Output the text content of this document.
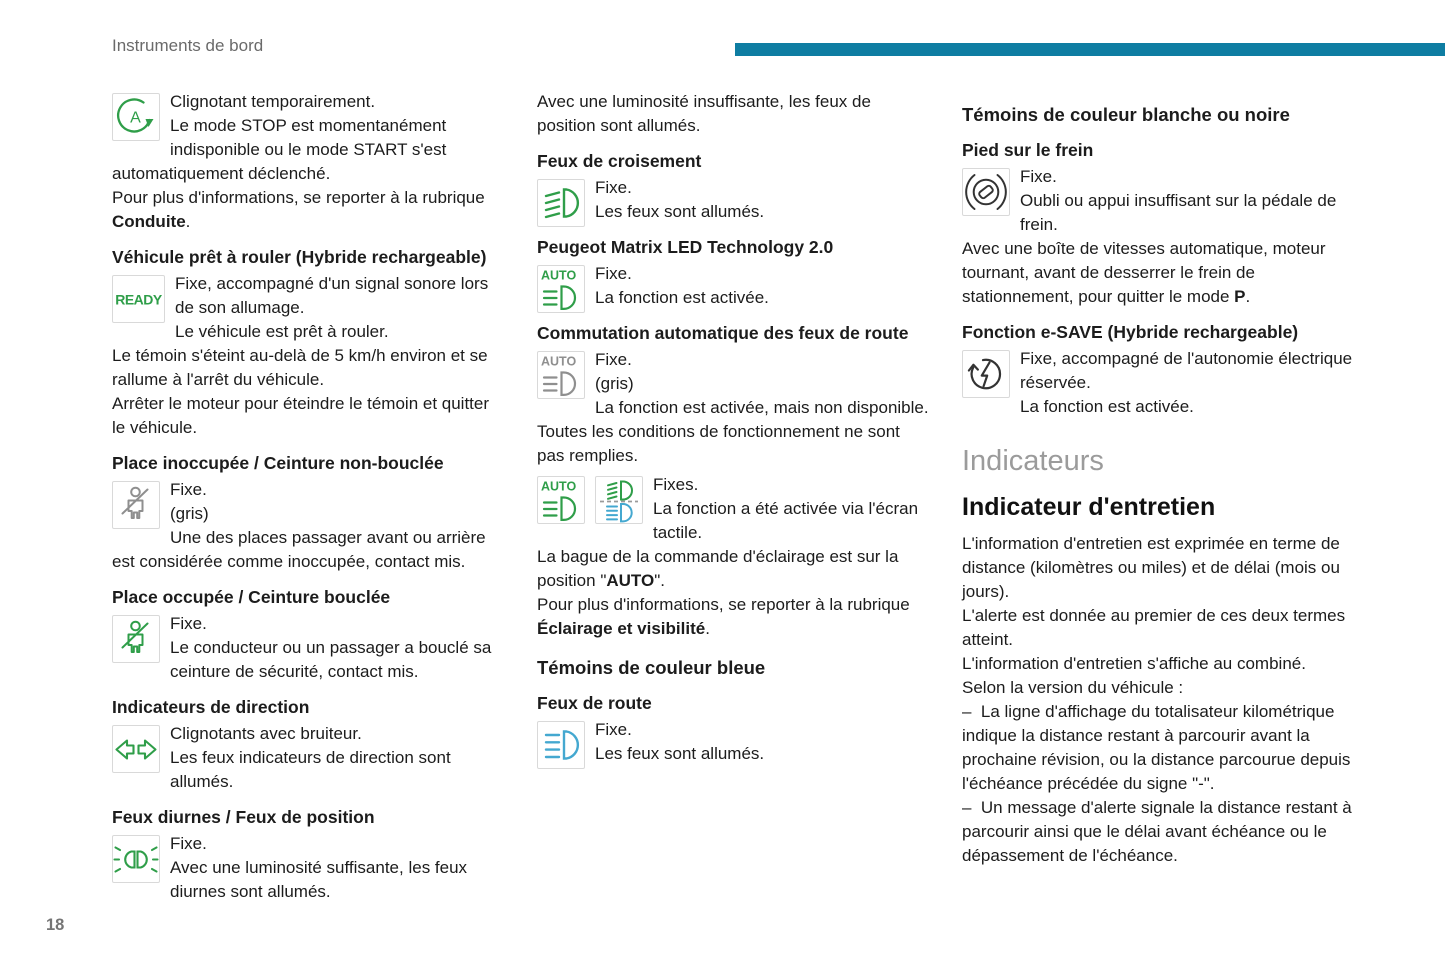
Instruments de bord
A
Clignotant temporairement.
Le mode STOP est momentanément indisponible ou le mode START s'est automatiquement déclenché.
Pour plus d'informations, se reporter à la rubrique Conduite.
Véhicule prêt à rouler (Hybride rechargeable)
READY
Fixe, accompagné d'un signal sonore lors de son allumage.
Le véhicule est prêt à rouler.
Le témoin s'éteint au-delà de 5 km/h environ et se rallume à l'arrêt du véhicule.
Arrêter le moteur pour éteindre le témoin et quitter le véhicule.
Place inoccupée / Ceinture non-bouclée
Fixe.
(gris)
Une des places passager avant ou arrière est considérée comme inoccupée, contact mis.
Place occupée / Ceinture bouclée
Fixe.
Le conducteur ou un passager a bouclé sa ceinture de sécurité, contact mis.
Indicateurs de direction
Clignotants avec bruiteur.
Les feux indicateurs de direction sont allumés.
Feux diurnes / Feux de position
Fixe.
Avec une luminosité suffisante, les feux diurnes sont allumés.
Avec une luminosité insuffisante, les feux de position sont allumés.
Feux de croisement
Fixe.
Les feux sont allumés.
Peugeot Matrix LED Technology 2.0
AUTO Fixe.
La fonction est activée.
Commutation automatique des feux de route
AUTO Fixe.
(gris)
La fonction est activée, mais non disponible.
Toutes les conditions de fonctionnement ne sont pas remplies.
AUTO	Fixes.
La fonction a été activée via l'écran tactile.
La bague de la commande d'éclairage est sur la position "AUTO".
Pour plus d'informations, se reporter à la rubrique Éclairage et visibilité.
Témoins de couleur bleue
Feux de route
Fixe.
Les feux sont allumés.
Témoins de couleur blanche ou noire
Pied sur le frein
Fixe.
Oubli ou appui insuffisant sur la pédale de frein.
Avec une boîte de vitesses automatique, moteur tournant, avant de desserrer le frein de stationnement, pour quitter le mode P.
Fonction e-SAVE (Hybride rechargeable)
Fixe, accompagné de l'autonomie électrique réservée.
La fonction est activée.
Indicateurs
Indicateur d'entretien
L'information d'entretien est exprimée en terme de distance (kilomètres ou miles) et de délai (mois ou jours).
L'alerte est donnée au premier de ces deux termes atteint.
L'information d'entretien s'affiche au combiné.
Selon la version du véhicule :
–  La ligne d'affichage du totalisateur kilométrique indique la distance restant à parcourir avant la prochaine révision, ou la distance parcourue depuis l'échéance précédée du signe "-".
–  Un message d'alerte signale la distance restant à parcourir ainsi que le délai avant échéance ou le dépassement de l'échéance.
18
